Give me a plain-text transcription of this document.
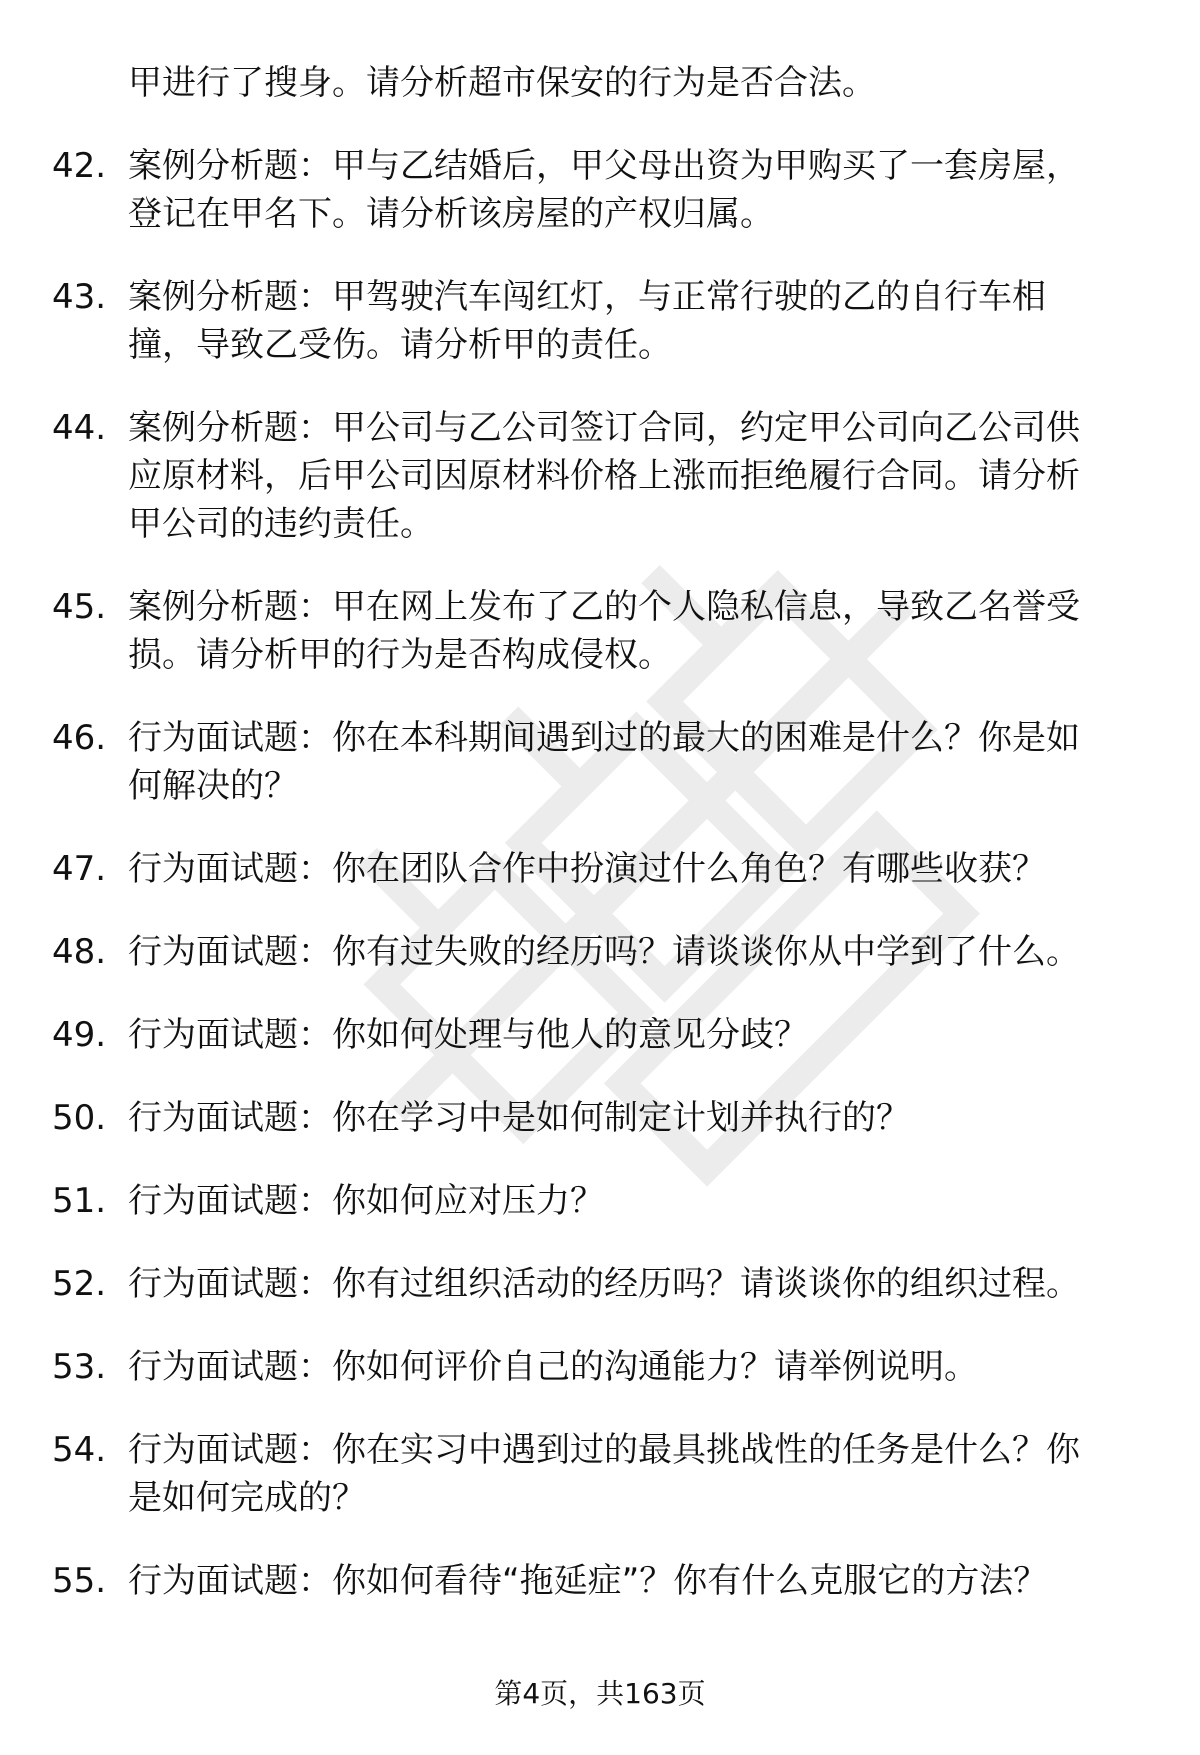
甲进行了搜身。请分析超市保安的行为是否合法。
42. 案例分析题：甲与乙结婚后，甲父母出资为甲购买了一套房屋，
登记在甲名下。请分析该房屋的产权归属。
43. 案例分析题：甲驾驶汽车闯红灯，与正常行驶的乙的自行车相
撞，导致乙受伤。请分析甲的责任。
44. 案例分析题：甲公司与乙公司签订合同，约定甲公司向乙公司供
应原材料，后甲公司因原材料价格上涨而拒绝履行合同。请分析
甲公司的违约责任。
45. 案例分析题：甲在网上发布了乙的个人隐私信息，导致乙名誉受
损。请分析甲的行为是否构成侵权。
46. 行为面试题：你在本科期间遇到过的最大的困难是什么？你是如
何解决的？
47. 行为面试题：你在团队合作中扮演过什么角色？有哪些收获？
48. 行为面试题：你有过失败的经历吗？请谈谈你从中学到了什么。
49. 行为面试题：你如何处理与他人的意见分歧？
50. 行为面试题：你在学习中是如何制定计划并执行的？
51. 行为面试题：你如何应对压力？
52. 行为面试题：你有过组织活动的经历吗？请谈谈你的组织过程。
53. 行为面试题：你如何评价自己的沟通能力？请举例说明。
54. 行为面试题：你在实习中遇到过的最具挑战性的任务是什么？你
是如何完成的？
55. 行为面试题：你如何看待“拖延症”？你有什么克服它的方法？
第4页，共163页
